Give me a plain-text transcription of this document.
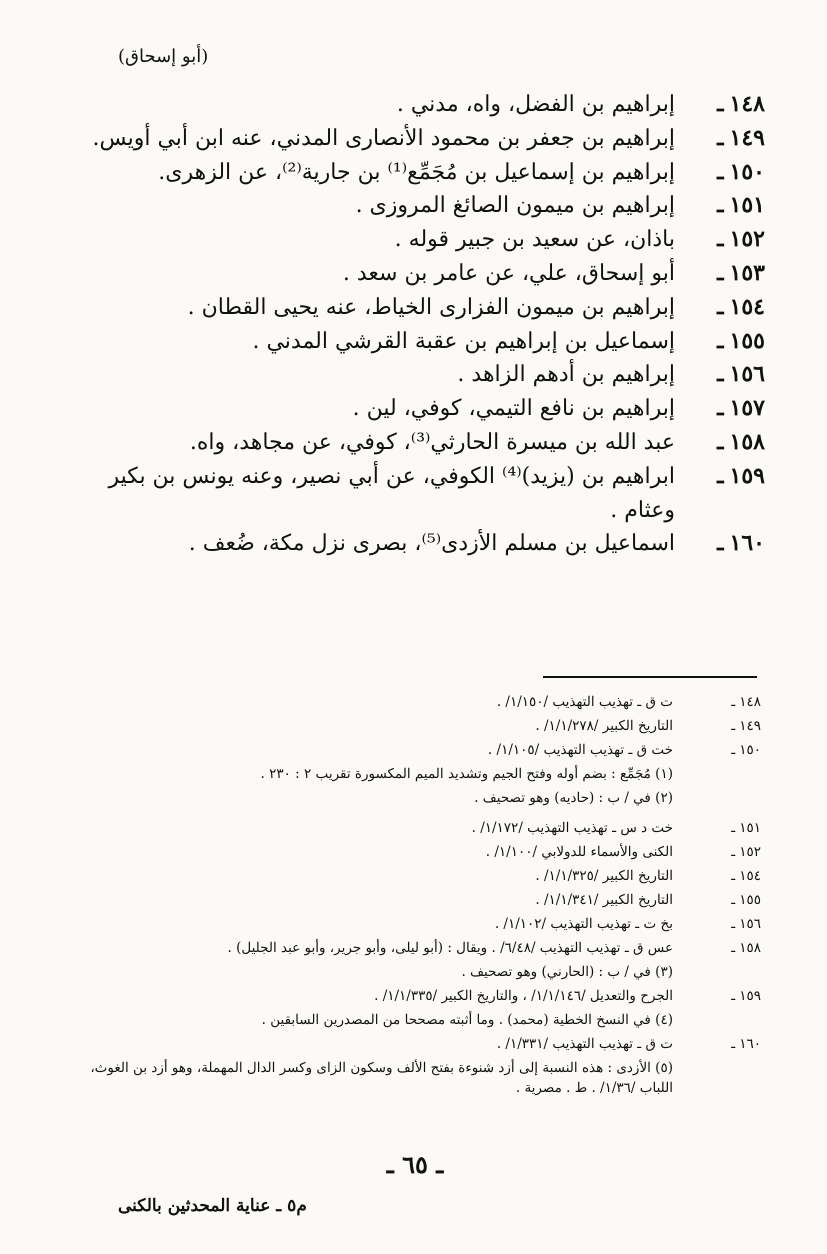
(أبو إسحاق)
١٤٨ـ
إبراهيم بن الفضل، واه، مدني .
١٤٩ـ
إبراهيم بن جعفر بن محمود الأنصارى المدني، عنه ابن أبي أويس.
١٥٠ـ
إبراهيم بن إسماعيل بن مُجَمِّع⁽¹⁾ بن جارية⁽²⁾، عن الزهرى.
١٥١ـ
إبراهيم بن ميمون الصائغ المروزى .
١٥٢ـ
باذان، عن سعيد بن جبير قوله .
١٥٣ـ
أبو إسحاق، علي، عن عامر بن سعد .
١٥٤ـ
إبراهيم بن ميمون الفزارى الخياط، عنه يحيى القطان .
١٥٥ـ
إسماعيل بن إبراهيم بن عقبة القرشي المدني .
١٥٦ـ
إبراهيم بن أدهم الزاهد .
١٥٧ـ
إبراهيم بن نافع التيمي، كوفي، لين .
١٥٨ـ
عبد الله بن ميسرة الحارثي⁽³⁾، كوفي، عن مجاهد، واه.
١٥٩ـ
ابراهيم بن (يزيد)⁽⁴⁾ الكوفي، عن أبي نصير، وعنه يونس بن بكير وعثام .
١٦٠ـ
اسماعيل بن مسلم الأزدى⁽⁵⁾، بصرى نزل مكة، ضُعف .
١٤٨ـ
ت ق ـ تهذيب التهذيب /١/١٥٠/ .
١٤٩ـ
التاريخ الكبير /١/١/٢٧٨/ .
١٥٠ـ
خت ق ـ تهذيب التهذيب /١/١٠٥/ .
(١) مُجَمِّع : بضم أوله وفتح الجيم وتشديد الميم المكسورة تقريب ٢ : ٢٣٠ .
(٢) في / ب : (حاديه) وهو تصحيف .
١٥١ـ
خت د س ـ تهذيب التهذيب /١/١٧٢/ .
١٥٢ـ
الكنى والأسماء للدولابي /١/١٠٠/ .
١٥٤ـ
التاريخ الكبير /١/١/٣٢٥/ .
١٥٥ـ
التاريخ الكبير /١/١/٣٤١/ .
١٥٦ـ
بخ ت ـ تهذيب التهذيب /١/١٠٢/ .
١٥٨ـ
عس ق ـ تهذيب التهذيب /٦/٤٨/ . ويقال : (أبو ليلى، وأبو جرير، وأبو عبد الجليل) .
(٣) في / ب : (الحارني) وهو تصحيف .
١٥٩ـ
الجرح والتعديل /١/١/١٤٦/ ، والتاريخ الكبير /١/١/٣٣٥/ .
(٤) في النسخ الخطية (محمد) . وما أثبته مصححا من المصدرين السابقين .
١٦٠ـ
ت ق ـ تهذيب التهذيب /١/٣٣١/ .
(٥) الأزدى : هذه النسبة إلى أزد شنوءة بفتح الألف وسكون الزاى وكسر الدال المهملة، وهو أزد بن الغوث، اللباب /١/٣٦/ . ط . مصرية .
ـ ٦٥ ـ
م٥ ـ عناية المحدثين بالكنى
